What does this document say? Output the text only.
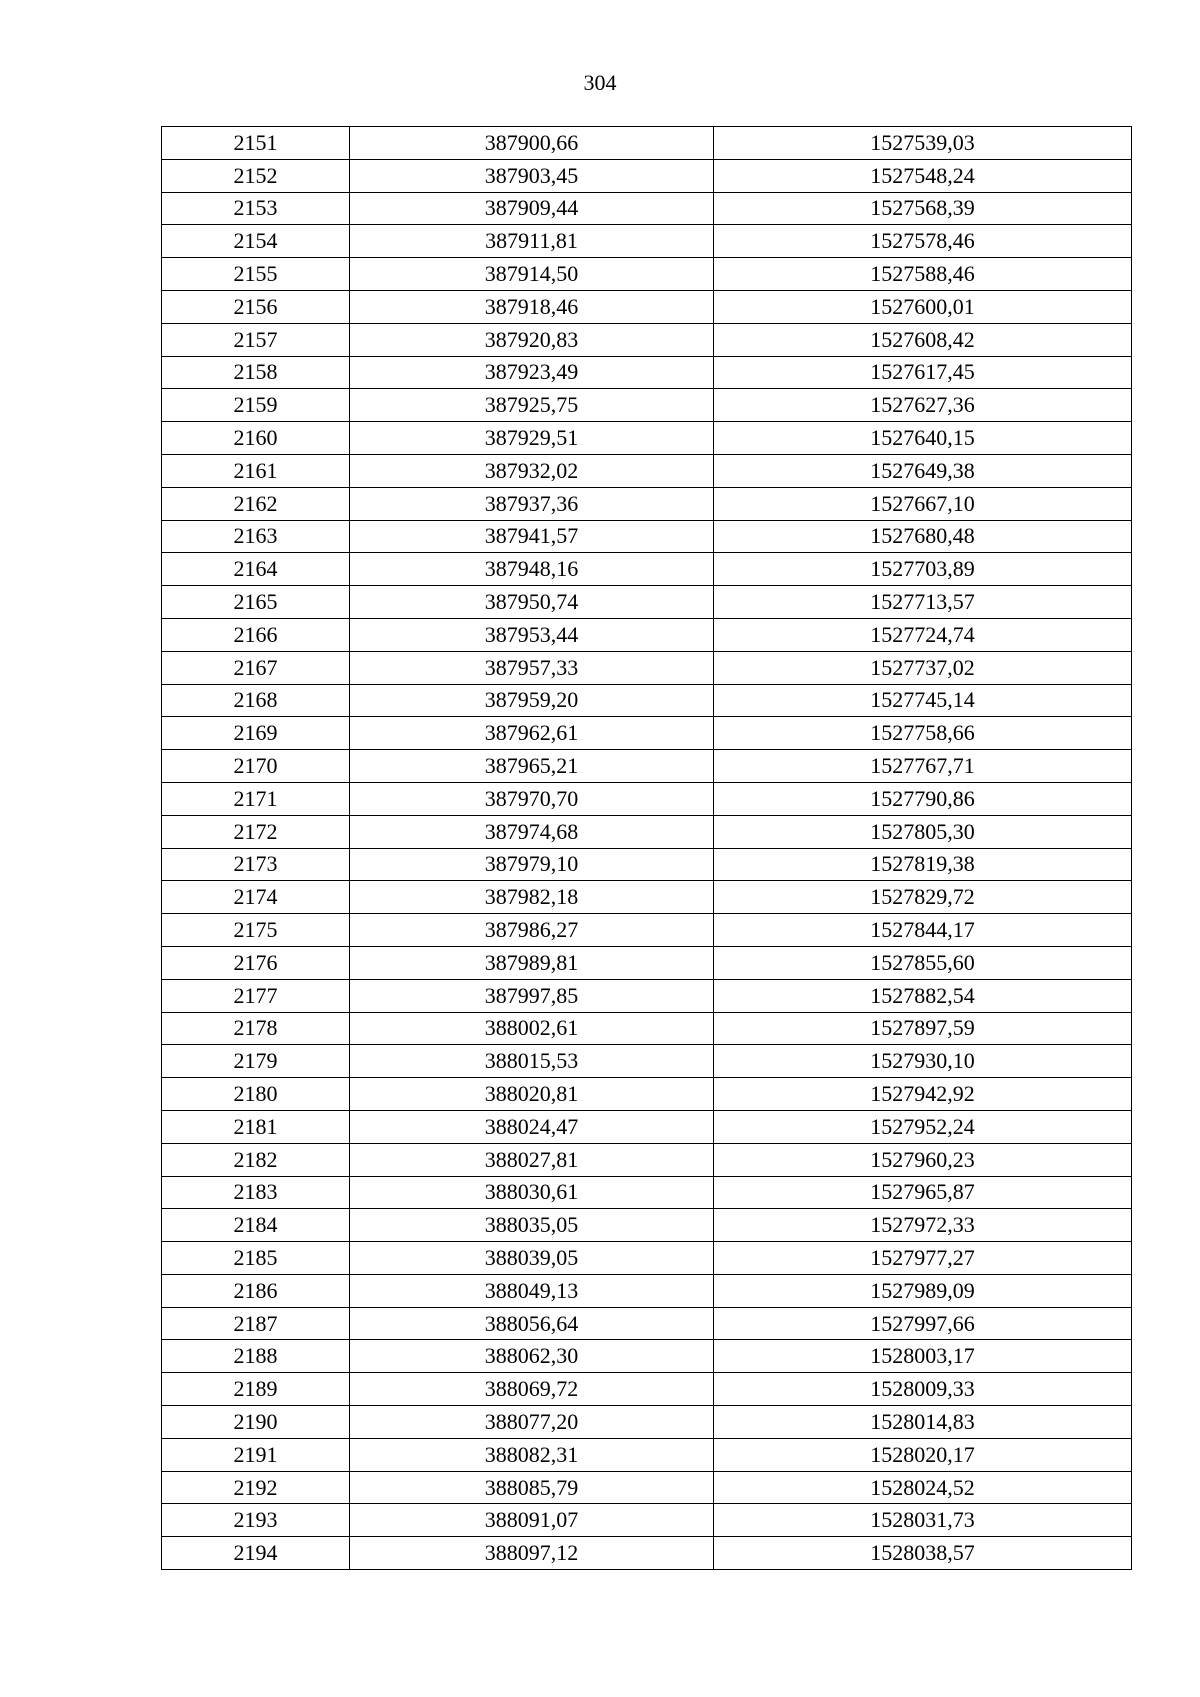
304
2151	387900,66	1527539,03
2152	387903,45	1527548,24
2153	387909,44	1527568,39
2154	387911,81	1527578,46
2155	387914,50	1527588,46
2156	387918,46	1527600,01
2157	387920,83	1527608,42
2158	387923,49	1527617,45
2159	387925,75	1527627,36
2160	387929,51	1527640,15
2161	387932,02	1527649,38
2162	387937,36	1527667,10
2163	387941,57	1527680,48
2164	387948,16	1527703,89
2165	387950,74	1527713,57
2166	387953,44	1527724,74
2167	387957,33	1527737,02
2168	387959,20	1527745,14
2169	387962,61	1527758,66
2170	387965,21	1527767,71
2171	387970,70	1527790,86
2172	387974,68	1527805,30
2173	387979,10	1527819,38
2174	387982,18	1527829,72
2175	387986,27	1527844,17
2176	387989,81	1527855,60
2177	387997,85	1527882,54
2178	388002,61	1527897,59
2179	388015,53	1527930,10
2180	388020,81	1527942,92
2181	388024,47	1527952,24
2182	388027,81	1527960,23
2183	388030,61	1527965,87
2184	388035,05	1527972,33
2185	388039,05	1527977,27
2186	388049,13	1527989,09
2187	388056,64	1527997,66
2188	388062,30	1528003,17
2189	388069,72	1528009,33
2190	388077,20	1528014,83
2191	388082,31	1528020,17
2192	388085,79	1528024,52
2193	388091,07	1528031,73
2194	388097,12	1528038,57
